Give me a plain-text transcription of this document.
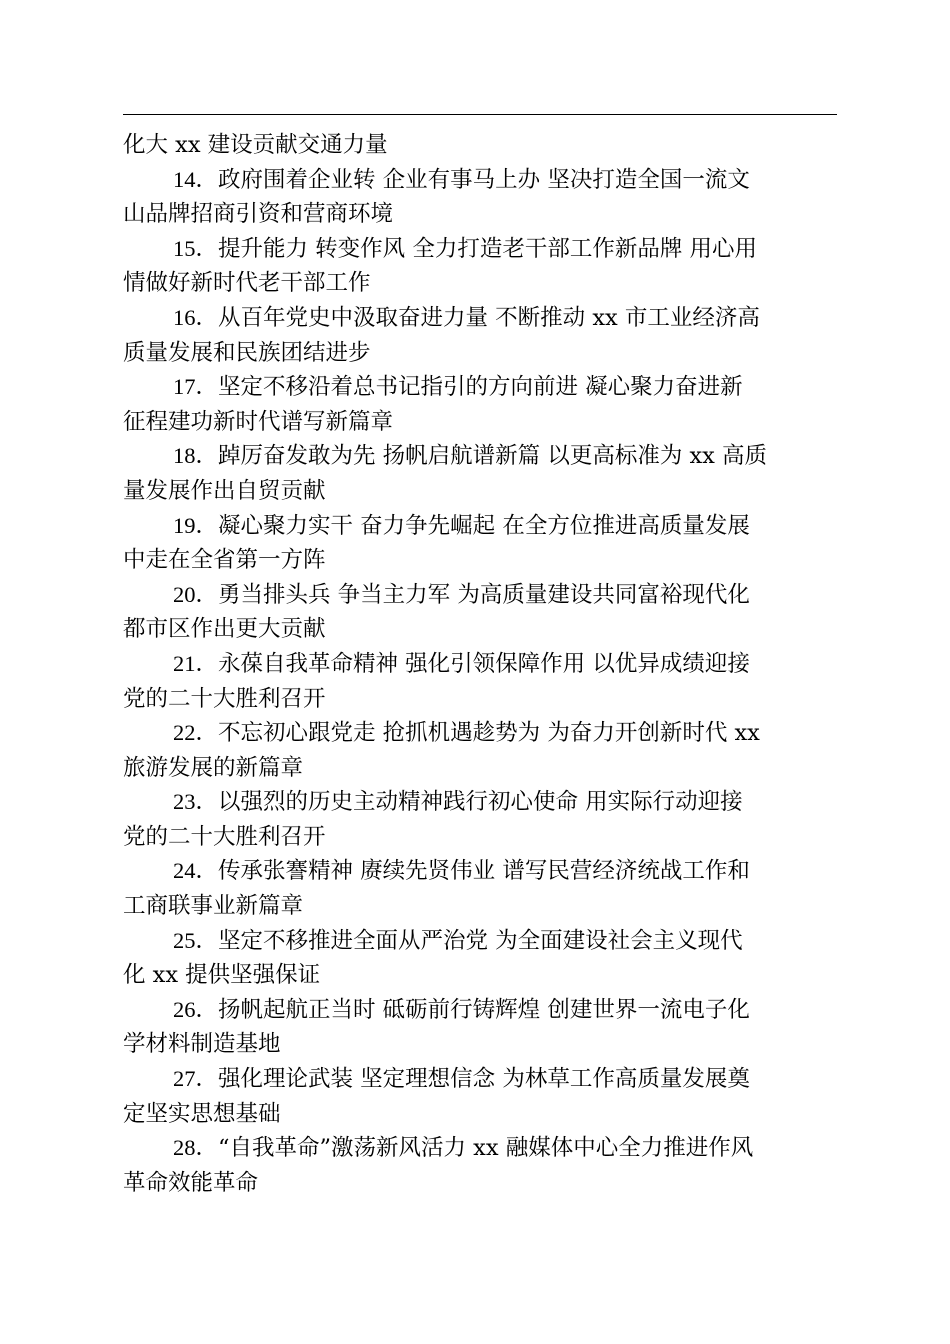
化大 xx 建设贡献交通力量
14．政府围着企业转 企业有事马上办 坚决打造全国一流文
山品牌招商引资和营商环境
15．提升能力 转变作风 全力打造老干部工作新品牌 用心用
情做好新时代老干部工作
16．从百年党史中汲取奋进力量 不断推动 xx 市工业经济高
质量发展和民族团结进步
17．坚定不移沿着总书记指引的方向前进 凝心聚力奋进新
征程建功新时代谱写新篇章
18．踔厉奋发敢为先 扬帆启航谱新篇 以更高标准为 xx 高质
量发展作出自贸贡献
19．凝心聚力实干 奋力争先崛起 在全方位推进高质量发展
中走在全省第一方阵
20．勇当排头兵 争当主力军 为高质量建设共同富裕现代化
都市区作出更大贡献
21．永葆自我革命精神 强化引领保障作用 以优异成绩迎接
党的二十大胜利召开
22．不忘初心跟党走 抢抓机遇趁势为 为奋力开创新时代 xx
旅游发展的新篇章
23．以强烈的历史主动精神践行初心使命 用实际行动迎接
党的二十大胜利召开
24．传承张謇精神 赓续先贤伟业 谱写民营经济统战工作和
工商联事业新篇章
25．坚定不移推进全面从严治党 为全面建设社会主义现代
化 xx 提供坚强保证
26．扬帆起航正当时 砥砺前行铸辉煌 创建世界一流电子化
学材料制造基地
27．强化理论武装 坚定理想信念 为林草工作高质量发展奠
定坚实思想基础
28．“自我革命”激荡新风活力 xx 融媒体中心全力推进作风
革命效能革命
